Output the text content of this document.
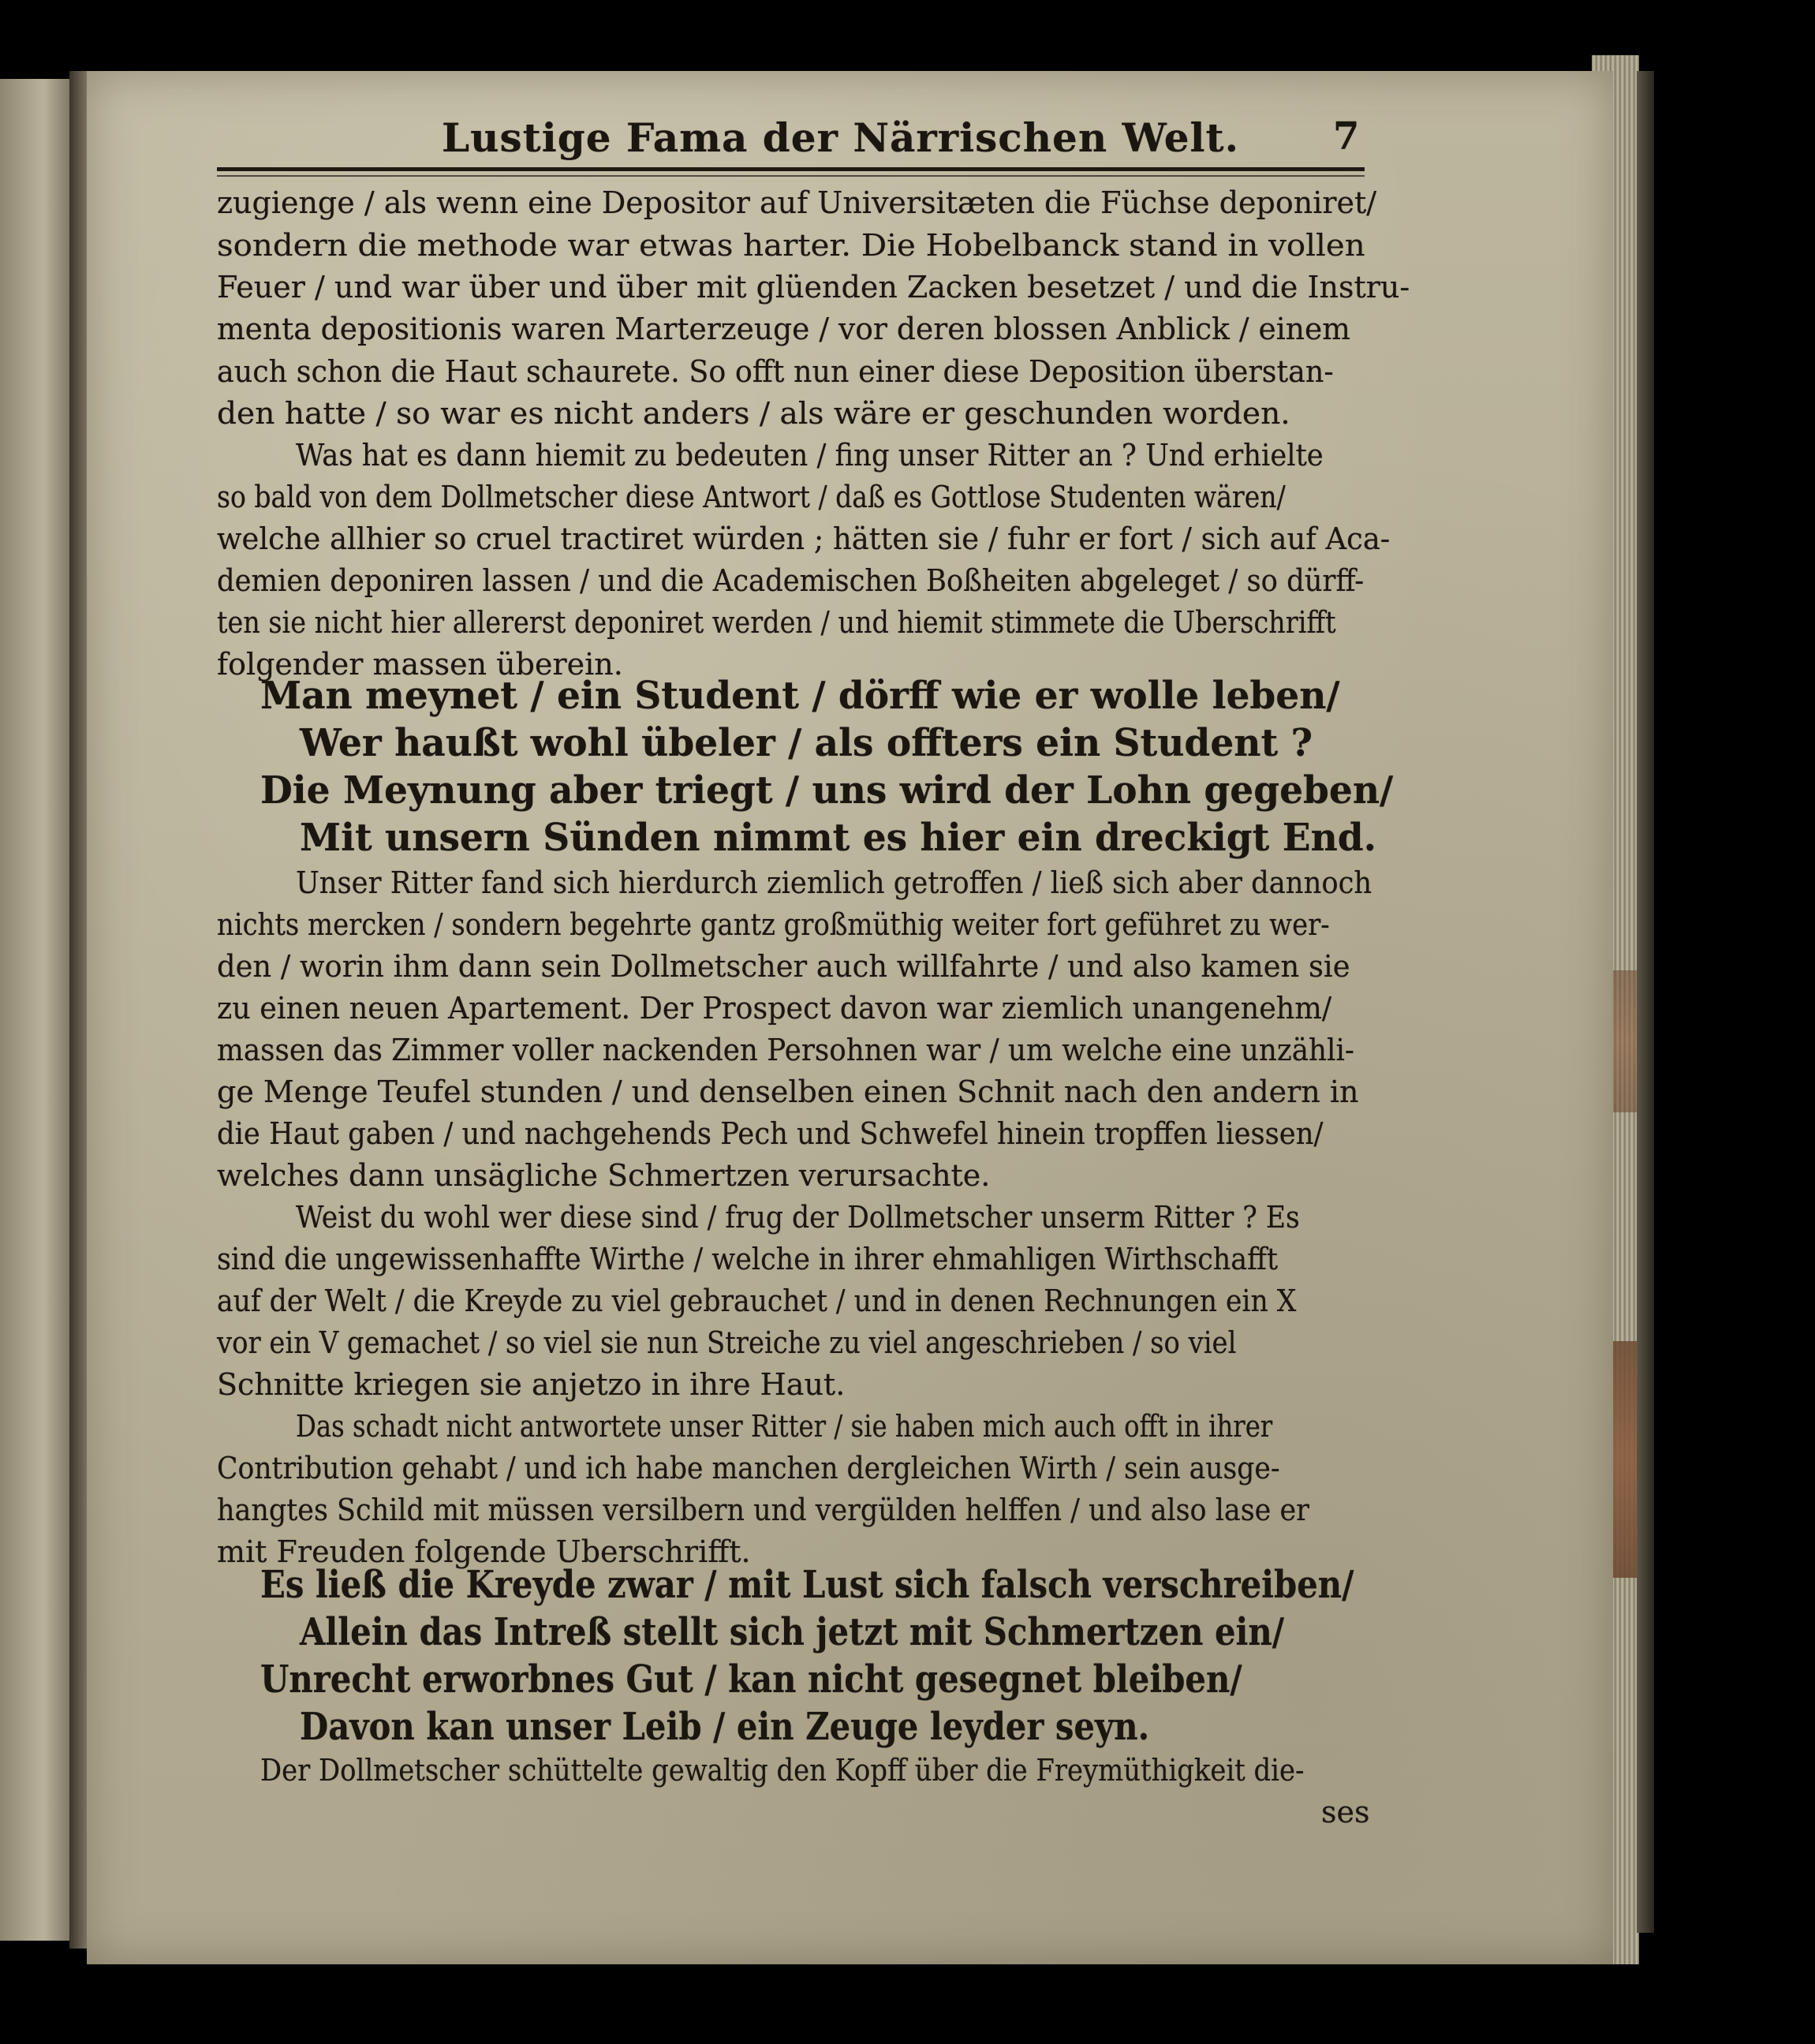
Lustige Fama der Närrischen Welt. 7
zugienge / als wenn eine Depositor auf Universitæten die Füchse deponiret/
sondern die methode war etwas harter. Die Hobelbanck stand in vollen
Feuer / und war über und über mit glüenden Zacken besetzet / und die Instru-
menta depositionis waren Marterzeuge / vor deren blossen Anblick / einem
auch schon die Haut schaurete. So offt nun einer diese Deposition überstan-
den hatte / so war es nicht anders / als wäre er geschunden worden.
Was hat es dann hiemit zu bedeuten / fing unser Ritter an ? Und erhielte
so bald von dem Dollmetscher diese Antwort / daß es Gottlose Studenten wären/
welche allhier so cruel tractiret würden ; hätten sie / fuhr er fort / sich auf Aca-
demien deponiren lassen / und die Academischen Boßheiten abgeleget / so dürff-
ten sie nicht hier allererst deponiret werden / und hiemit stimmete die Uberschrifft
folgender massen überein.
Man meynet / ein Student / dörff wie er wolle leben/
Wer haußt wohl übeler / als offters ein Student ?
Die Meynung aber triegt / uns wird der Lohn gegeben/
Mit unsern Sünden nimmt es hier ein dreckigt End.
Unser Ritter fand sich hierdurch ziemlich getroffen / ließ sich aber dannoch
nichts mercken / sondern begehrte gantz großmüthig weiter fort geführet zu wer-
den / worin ihm dann sein Dollmetscher auch willfahrte / und also kamen sie
zu einen neuen Apartement. Der Prospect davon war ziemlich unangenehm/
massen das Zimmer voller nackenden Persohnen war / um welche eine unzähli-
ge Menge Teufel stunden / und denselben einen Schnit nach den andern in
die Haut gaben / und nachgehends Pech und Schwefel hinein tropffen liessen/
welches dann unsägliche Schmertzen verursachte.
Weist du wohl wer diese sind / frug der Dollmetscher unserm Ritter ? Es
sind die ungewissenhaffte Wirthe / welche in ihrer ehmahligen Wirthschafft
auf der Welt / die Kreyde zu viel gebrauchet / und in denen Rechnungen ein X
vor ein V gemachet / so viel sie nun Streiche zu viel angeschrieben / so viel
Schnitte kriegen sie anjetzo in ihre Haut.
Das schadt nicht antwortete unser Ritter / sie haben mich auch offt in ihrer
Contribution gehabt / und ich habe manchen dergleichen Wirth / sein ausge-
hangtes Schild mit müssen versilbern und vergülden helffen / und also lase er
mit Freuden folgende Uberschrifft.
Es ließ die Kreyde zwar / mit Lust sich falsch verschreiben/
Allein das Intreß stellt sich jetzt mit Schmertzen ein/
Unrecht erworbnes Gut / kan nicht gesegnet bleiben/
Davon kan unser Leib / ein Zeuge leyder seyn.
Der Dollmetscher schüttelte gewaltig den Kopff über die Freymüthigkeit die-
ses
